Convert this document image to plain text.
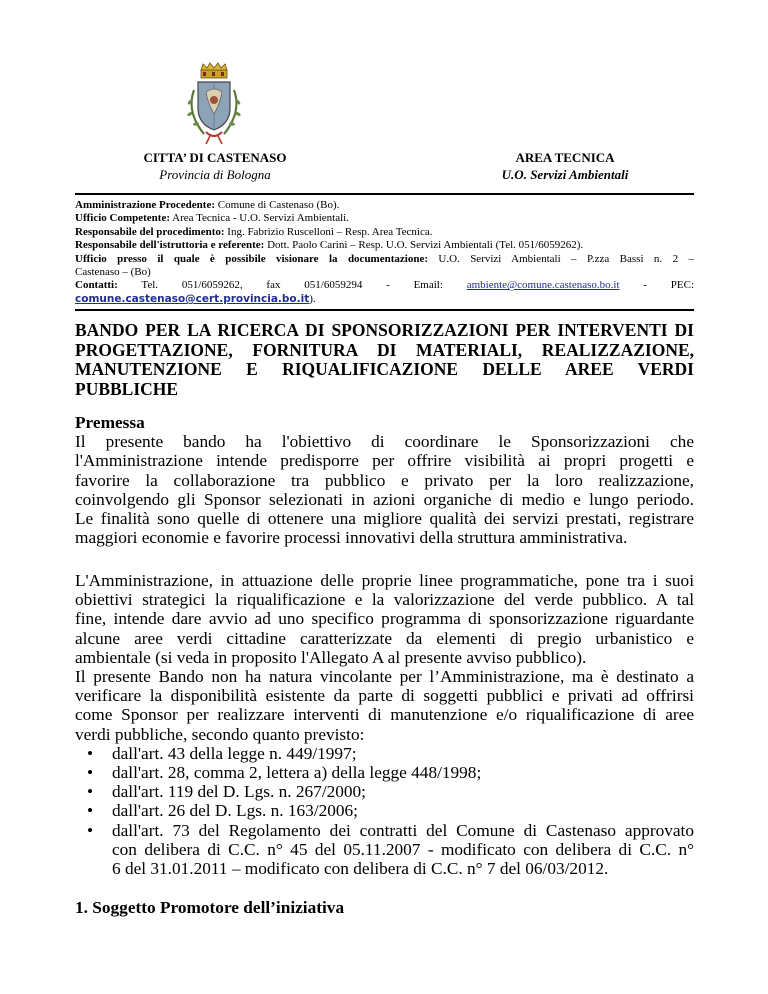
CITTA’ DI CASTENASO
Provincia di Bologna
AREA TECNICA
U.O. Servizi Ambientali

Amministrazione Procedente: Comune di Castenaso (Bo).

Ufficio Competente: Area Tecnica - U.O. Servizi Ambientali.

Responsabile del procedimento: Ing. Fabrizio Ruscelloni – Resp. Area Tecnica.

Responsabile dell'istruttoria e referente: Dott. Paolo Carini – Resp. U.O. Servizi Ambientali (Tel. 051/6059262).

Ufficio presso il quale è possibile visionare la documentazione: U.O. Servizi Ambientali – P.zza Bassi n. 2 –

Castenaso – (Bo)

Contatti: Tel. 051/6059262, fax 051/6059294 - Email: ambiente@comune.castenaso.bo.it - PEC:

comune.castenaso@cert.provincia.bo.it).

BANDO PER LA RICERCA DI SPONSORIZZAZIONI PER INTERVENTI DI
PROGETTAZIONE, FORNITURA DI MATERIALI, REALIZZAZIONE,
MANUTENZIONE E RIQUALIFICAZIONE DELLE AREE VERDI
PUBBLICHE

Premessa

Il presente bando ha l'obiettivo di coordinare le Sponsorizzazioni che
l'Amministrazione intende predisporre per offrire visibilità ai propri progetti e
favorire la collaborazione tra pubblico e privato per la loro realizzazione,
coinvolgendo gli Sponsor selezionati in azioni organiche di medio e lungo periodo.
Le finalità sono quelle di ottenere una migliore qualità dei servizi prestati, registrare
maggiori economie e favorire processi innovativi della struttura amministrativa.

L'Amministrazione, in attuazione delle proprie linee programmatiche, pone tra i suoi
obiettivi strategici la riqualificazione e la valorizzazione del verde pubblico. A tal
fine, intende dare avvio ad uno specifico programma di sponsorizzazione riguardante
alcune aree verdi cittadine caratterizzate da elementi di pregio urbanistico e
ambientale (si veda in proposito l'Allegato A al presente avviso pubblico).

Il presente Bando non ha natura vincolante per l’Amministrazione, ma è destinato a
verificare la disponibilità esistente da parte di soggetti pubblici e privati ad offrirsi
come Sponsor per realizzare interventi di manutenzione e/o riqualificazione di aree
verdi pubbliche, secondo quanto previsto:

• dall'art. 43 della legge n. 449/1997;
• dall'art. 28, comma 2, lettera a) della legge 448/1998;
• dall'art. 119 del D. Lgs. n. 267/2000;
• dall'art. 26 del D. Lgs. n. 163/2006;
• dall'art. 73 del Regolamento dei contratti del Comune di Castenaso approvato
con delibera di C.C. n° 45 del 05.11.2007 - modificato con delibera di C.C. n°
6 del 31.01.2011 – modificato con delibera di C.C. n° 7 del 06/03/2012.

1. Soggetto Promotore dell’iniziativa
